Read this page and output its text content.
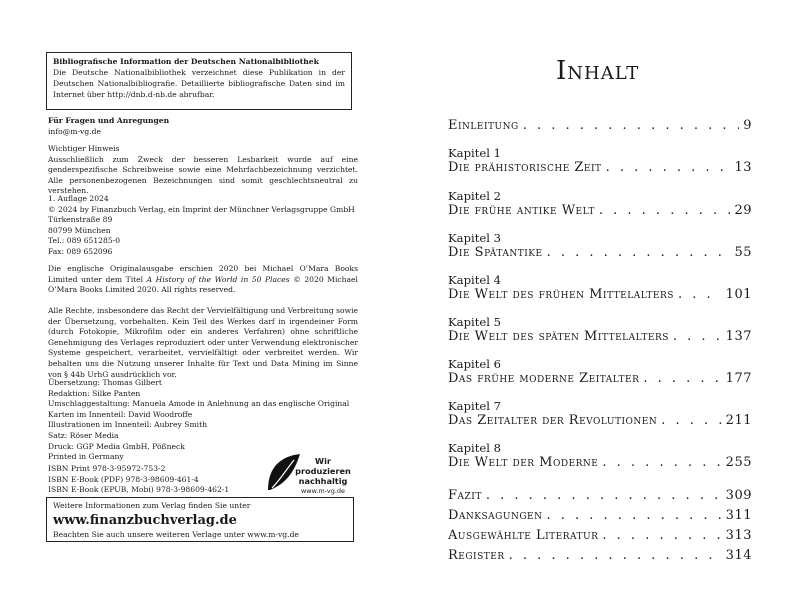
Bibliografische Information der Deutschen Nationalbibliothek
Die Deutsche Nationalbibliothek verzeichnet diese Publikation in der Deutschen Nationalbibliografie. Detaillierte bibliografische Daten sind im Internet über http://dnb.d-nb.de abrufbar.
Für Fragen und Anregungen
info@m-vg.de
Wichtiger Hinweis
Ausschließlich zum Zweck der besseren Lesbarkeit wurde auf eine genderspezifische Schreibweise sowie eine Mehrfachbezeichnung verzichtet. Alle personenbezogenen Bezeichnungen sind somit geschlechtsneutral zu verstehen.
1. Auflage 2024
© 2024 by Finanzbuch Verlag, ein Imprint der Münchner Verlagsgruppe GmbH
Türkenstraße 89
80799 München
Tel.: 089 651285-0
Fax: 089 652096
Die englische Originalausgabe erschien 2020 bei Michael O’Mara Books Limited unter dem Titel A History of the World in 50 Places © 2020 Michael O’Mara Books Limited 2020. All rights reserved.
Alle Rechte, insbesondere das Recht der Vervielfältigung und Verbreitung sowie der Übersetzung, vorbehalten. Kein Teil des Werkes darf in irgendeiner Form (durch Fotokopie, Mikrofilm oder ein anderes Verfahren) ohne schriftliche Genehmigung des Verlages reproduziert oder unter Verwendung elektronischer Systeme gespeichert, verarbeitet, vervielfältigt oder verbreitet werden. Wir behalten uns die Nutzung unserer Inhalte für Text und Data Mining im Sinne von § 44b UrhG ausdrücklich vor.
Übersetzung: Thomas Gilbert
Redaktion: Silke Panten
Umschlaggestaltung: Manuela Amode in Anlehnung an das englische Original
Karten im Innenteil: David Woodroffe
Illustrationen im Innenteil: Aubrey Smith
Satz: Röser Media
Druck: GGP Media GmbH, Pößneck
Printed in Germany
ISBN Print 978-3-95972-753-2
ISBN E-Book (PDF) 978-3-98609-461-4
ISBN E-Book (EPUB, Mobi) 978-3-98609-462-1
Wir produzieren
nachhaltig
www.m-vg.de
Weitere Informationen zum Verlag finden Sie unter
www.finanzbuchverlag.de
Beachten Sie auch unsere weiteren Verlage unter www.m-vg.de
Inhalt
Einleitung . . .	9
Kapitel 1
Die prähistorische Zeit . . .	13
Kapitel 2
Die frühe antike Welt . . .	29
Kapitel 3
Die Spätantike . . .	55
Kapitel 4
Die Welt des frühen Mittelalters . . .	101
Kapitel 5
Die Welt des späten Mittelalters . . .	137
Kapitel 6
Das frühe moderne Zeitalter . . .	177
Kapitel 7
Das Zeitalter der Revolutionen . . .	211
Kapitel 8
Die Welt der Moderne . . .	255
Fazit . . .	309
Danksagungen . . .	311
Ausgewählte Literatur . . .	313
Register . . .	314
